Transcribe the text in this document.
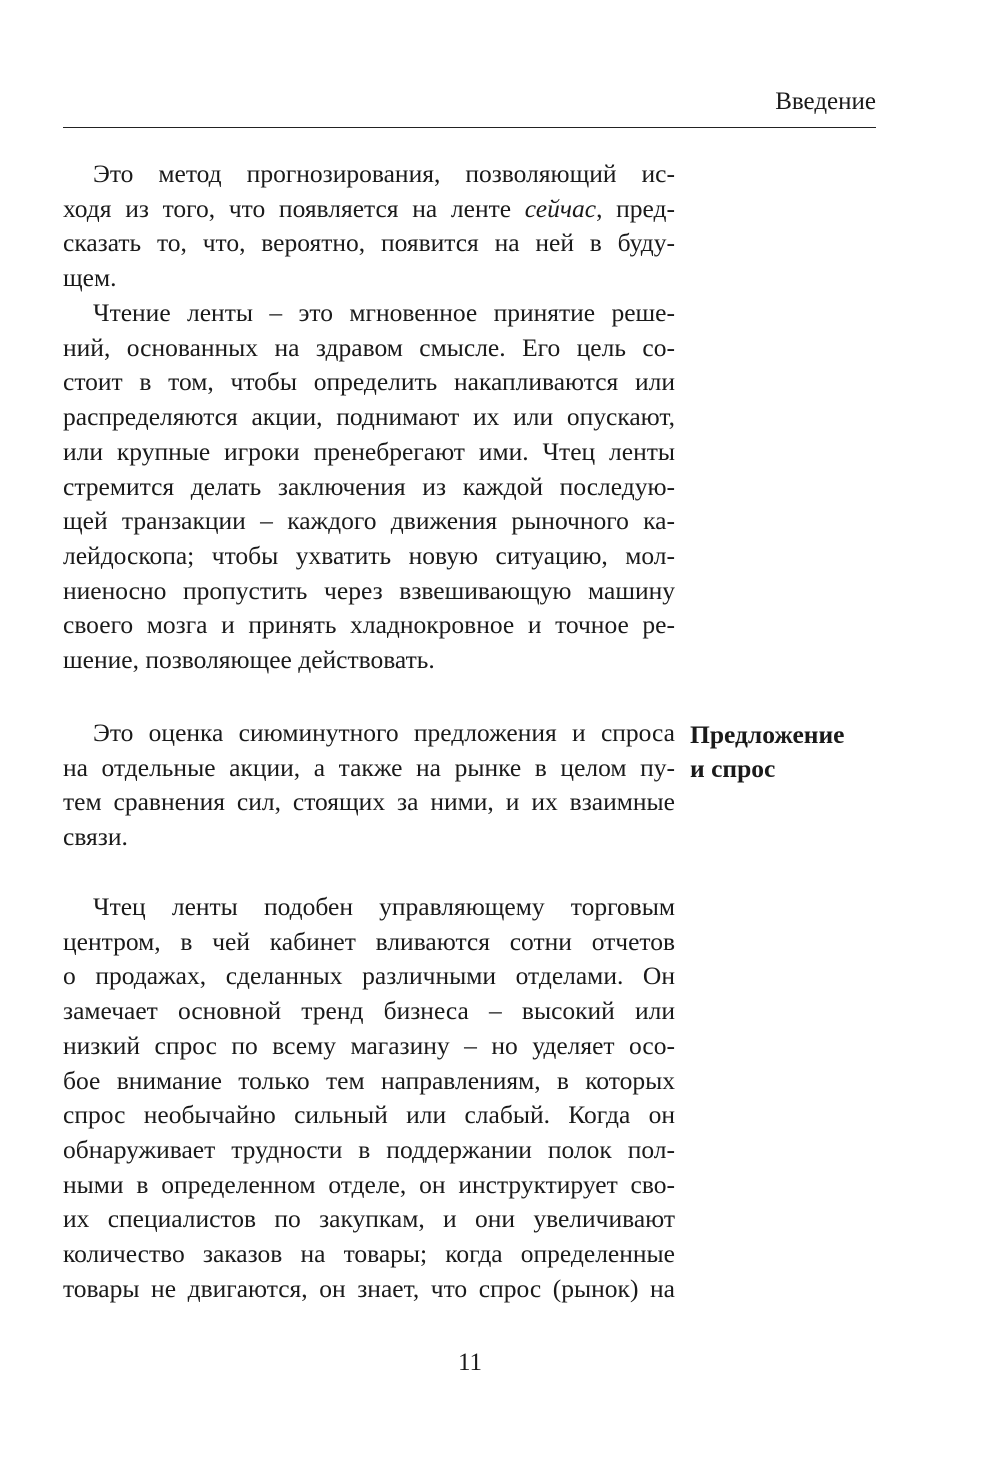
Введение

Это метод прогнозирования, позволяющий ис-
ходя из того, что появляется на ленте сейчас, пред-
сказать то, что, вероятно, появится на ней в буду-
щем.

Чтение ленты – это мгновенное принятие реше-
ний, основанных на здравом смысле. Его цель со-
стоит в том, чтобы определить накапливаются или
распределяются акции, поднимают их или опускают,
или крупные игроки пренебрегают ими. Чтец ленты
стремится делать заключения из каждой последую-
щей транзакции – каждого движения рыночного ка-
лейдоскопа; чтобы ухватить новую ситуацию, мол-
ниеносно пропустить через взвешивающую машину
своего мозга и принять хладнокровное и точное ре-
шение, позволяющее действовать.

Предложение
и спрос

Это оценка сиюминутного предложения и спроса
на отдельные акции, а также на рынке в целом пу-
тем сравнения сил, стоящих за ними, и их взаимные
связи.

Чтец ленты подобен управляющему торговым
центром, в чей кабинет вливаются сотни отчетов
о продажах, сделанных различными отделами. Он
замечает основной тренд бизнеса – высокий или
низкий спрос по всему магазину – но уделяет осо-
бое внимание только тем направлениям, в которых
спрос необычайно сильный или слабый. Когда он
обнаруживает трудности в поддержании полок пол-
ными в определенном отделе, он инструктирует сво-
их специалистов по закупкам, и они увеличивают
количество заказов на товары; когда определенные
товары не двигаются, он знает, что спрос (рынок) на

11
